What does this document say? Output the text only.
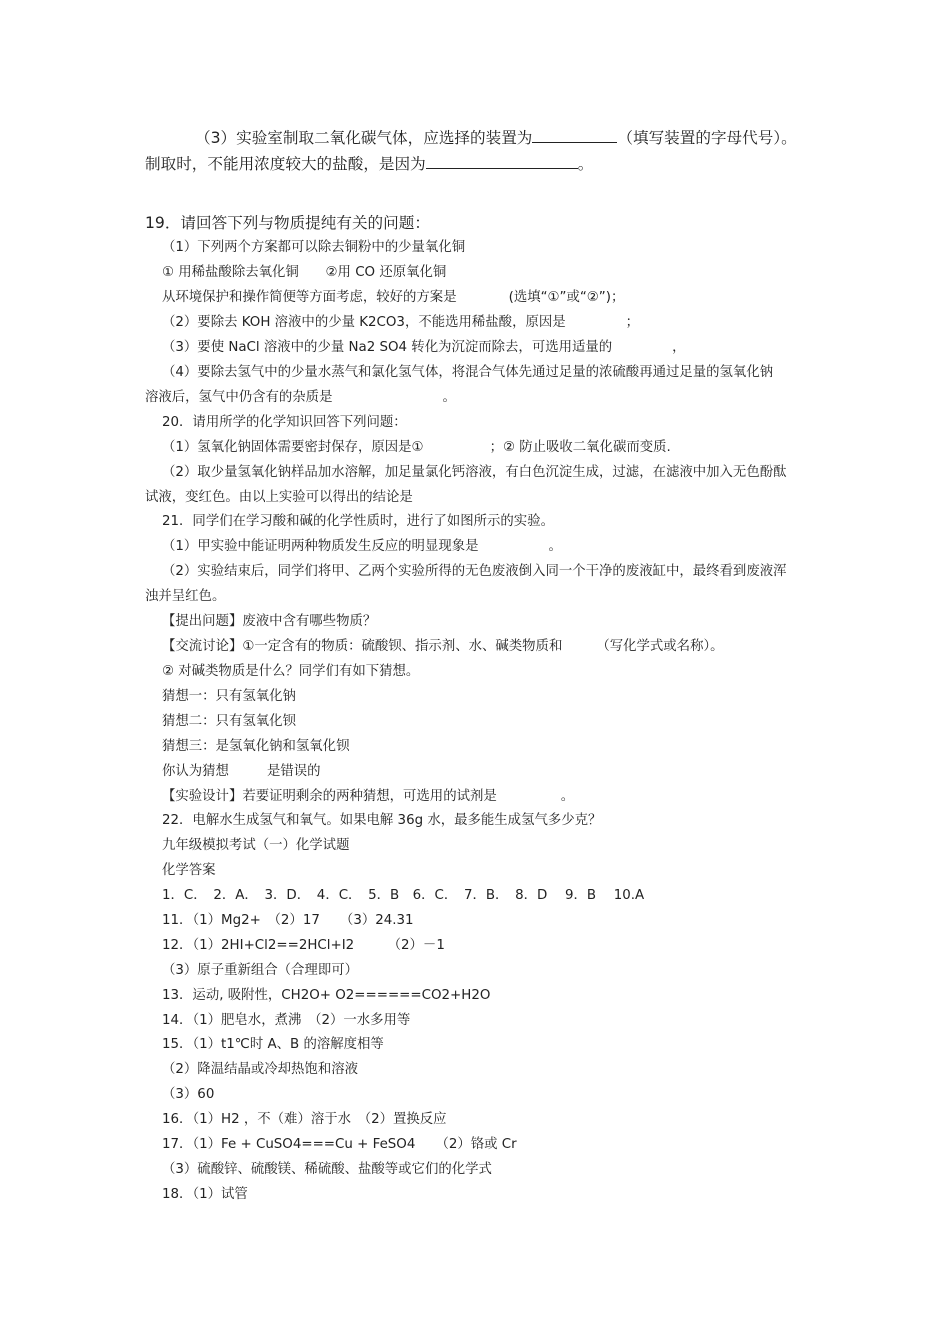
（3）实验室制取二氧化碳气体，应选择的装置为	（填写装置的字母代号）。
制取时，不能用浓度较大的盐酸，是因为	。
19．请回答下列与物质提纯有关的问题：
（1）下列两个方案都可以除去铜粉中的少量氧化铜
① 用稀盐酸除去氧化铜　　②用 CO 还原氧化铜
从环境保护和操作简便等方面考虑，较好的方案是	(选填“①”或“②”)；
（2）要除去 KOH 溶液中的少量 K2CO3，不能选用稀盐酸，原因是	；
（3）要使 NaCl 溶液中的少量 Na2 SO4 转化为沉淀而除去，可选用适量的	，
（4）要除去氢气中的少量水蒸气和氯化氢气体，将混合气体先通过足量的浓硫酸再通过足量的氢氧化钠
溶液后，氢气中仍含有的杂质是	。
20．请用所学的化学知识回答下列问题：
（1）氢氧化钠固体需要密封保存，原因是①	；② 防止吸收二氧化碳而变质.
（2）取少量氢氧化钠样品加水溶解，加足量氯化钙溶液，有白色沉淀生成，过滤，在滤液中加入无色酚酞
试液，变红色。由以上实验可以得出的结论是
21．同学们在学习酸和碱的化学性质时，进行了如图所示的实验。
（1）甲实验中能证明两种物质发生反应的明显现象是	。
（2）实验结束后，同学们将甲、乙两个实验所得的无色废液倒入同一个干净的废液缸中，最终看到废液浑
浊并呈红色。
【提出问题】废液中含有哪些物质？
【交流讨论】①一定含有的物质：硫酸钡、指示剂、水、碱类物质和	（写化学式或名称）。
② 对碱类物质是什么？同学们有如下猜想。
猜想一：只有氢氧化钠
猜想二：只有氢氧化钡
猜想三：是氢氧化钠和氢氧化钡
你认为猜想	是错误的
【实验设计】若要证明剩余的两种猜想，可选用的试剂是	。
22．电解水生成氢气和氧气。如果电解 36g 水，最多能生成氢气多少克？
九年级模拟考试（一）化学试题
化学答案
1．C．　2．A．　3．D．　4．C．　5．B　6．C．　7．B．　8．D　 9．B　 10.A
11．（1）Mg2+　（2）17　　（3）24.31
12．（1）2HI+Cl2==2HCl+I2　　　（2）－1
（3）原子重新组合（合理即可）
13．运动, 吸附性，CH2O+ O2======CO2+H2O
14．（1）肥皂水，煮沸　（2）一水多用等
15．（1）t1℃时 A、B 的溶解度相等
（2）降温结晶或冷却热饱和溶液
（3）60
16．（1）H2 ，不（难）溶于水　（2）置换反应
17．（1）Fe + CuSO4===Cu + FeSO4　　（2）铬或 Cr
（3）硫酸锌、硫酸镁、稀硫酸、盐酸等或它们的化学式
18．（1）试管
